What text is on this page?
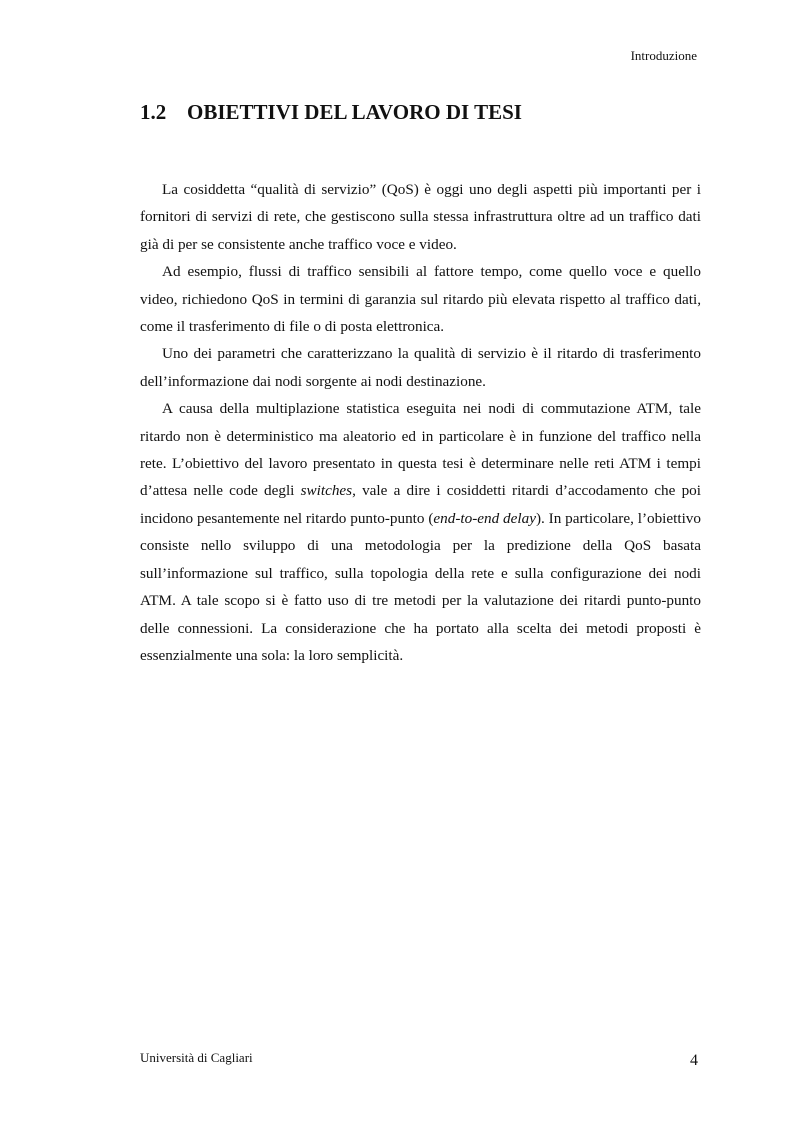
Introduzione
1.2 OBIETTIVI DEL LAVORO DI TESI

La cosiddetta “qualità di servizio” (QoS) è oggi uno degli aspetti più importanti per i fornitori di servizi di rete, che gestiscono sulla stessa infrastruttura oltre ad un traffico dati già di per se consistente anche traffico voce e video.

Ad esempio, flussi di traffico sensibili al fattore tempo, come quello voce e quello video, richiedono QoS in termini di garanzia sul ritardo più elevata rispetto al traffico dati, come il trasferimento di file o di posta elettronica.

Uno dei parametri che caratterizzano la qualità di servizio è il ritardo di trasferimento dell’informazione dai nodi sorgente ai nodi destinazione.

A causa della multiplazione statistica eseguita nei nodi di commutazione ATM, tale ritardo non è deterministico ma aleatorio ed in particolare è in funzione del traffico nella rete. L’obiettivo del lavoro presentato in questa tesi è determinare nelle reti ATM i tempi d’attesa nelle code degli switches, vale a dire i cosiddetti ritardi d’accodamento che poi incidono pesantemente nel ritardo punto-punto (end-to-end delay). In particolare, l’obiettivo consiste nello sviluppo di una metodologia per la predizione della QoS basata sull’informazione sul traffico, sulla topologia della rete e sulla configurazione dei nodi ATM. A tale scopo si è fatto uso di tre metodi per la valutazione dei ritardi punto-punto delle connessioni. La considerazione che ha portato alla scelta dei metodi proposti è essenzialmente una sola: la loro semplicità.

Università di Cagliari	4
